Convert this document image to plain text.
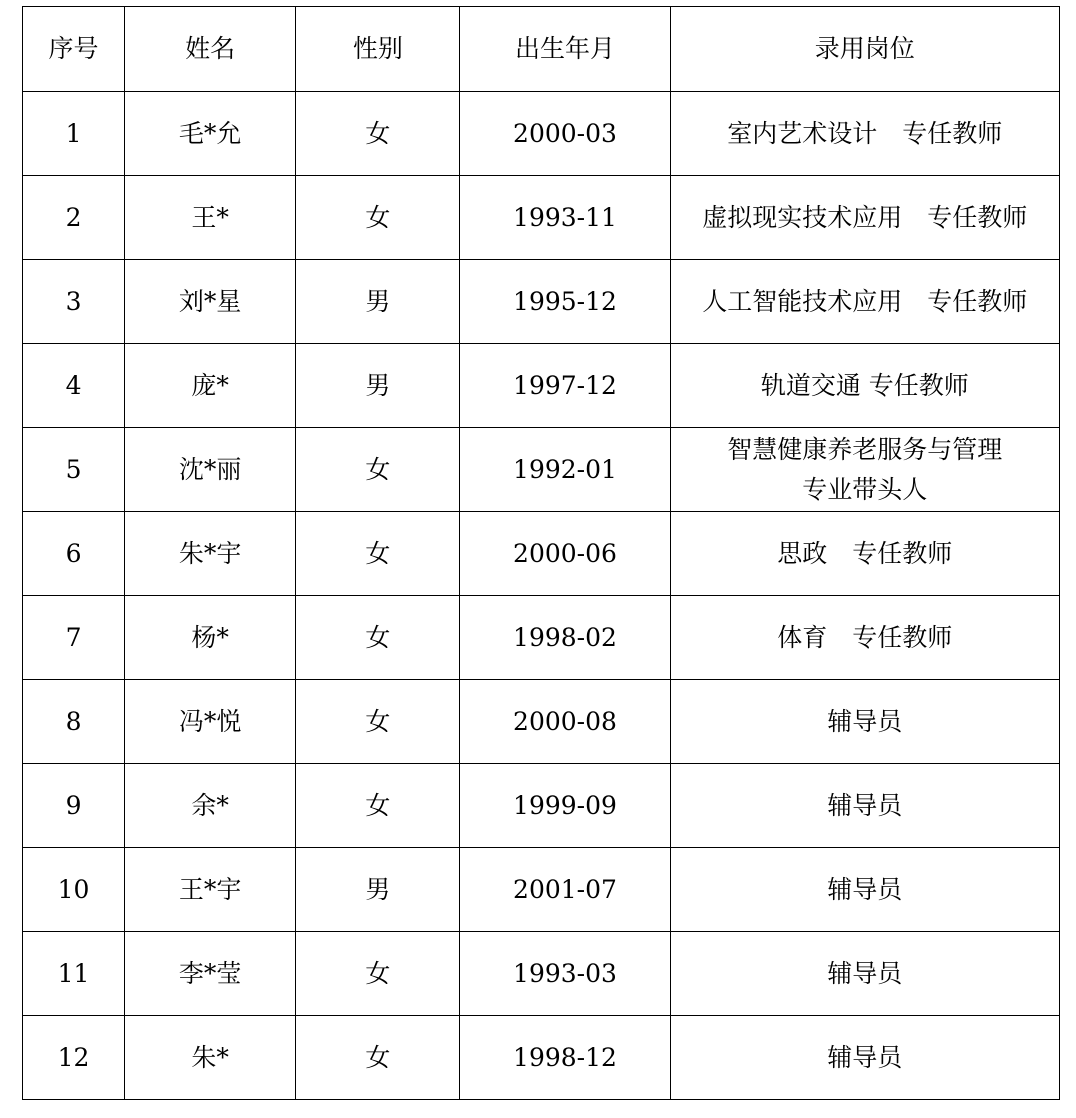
序号	姓名	性别	出生年月	录用岗位
1	毛*允	女	2000-03	室内艺术设计　专任教师
2	王*	女	1993-11	虚拟现实技术应用　专任教师
3	刘*星	男	1995-12	人工智能技术应用　专任教师
4	庞*	男	1997-12	轨道交通 专任教师
5	沈*丽	女	1992-01	智慧健康养老服务与管理
专业带头人
6	朱*宇	女	2000-06	思政　专任教师
7	杨*	女	1998-02	体育　专任教师
8	冯*悦	女	2000-08	辅导员
9	余*	女	1999-09	辅导员
10	王*宇	男	2001-07	辅导员
11	李*莹	女	1993-03	辅导员
12	朱*	女	1998-12	辅导员
